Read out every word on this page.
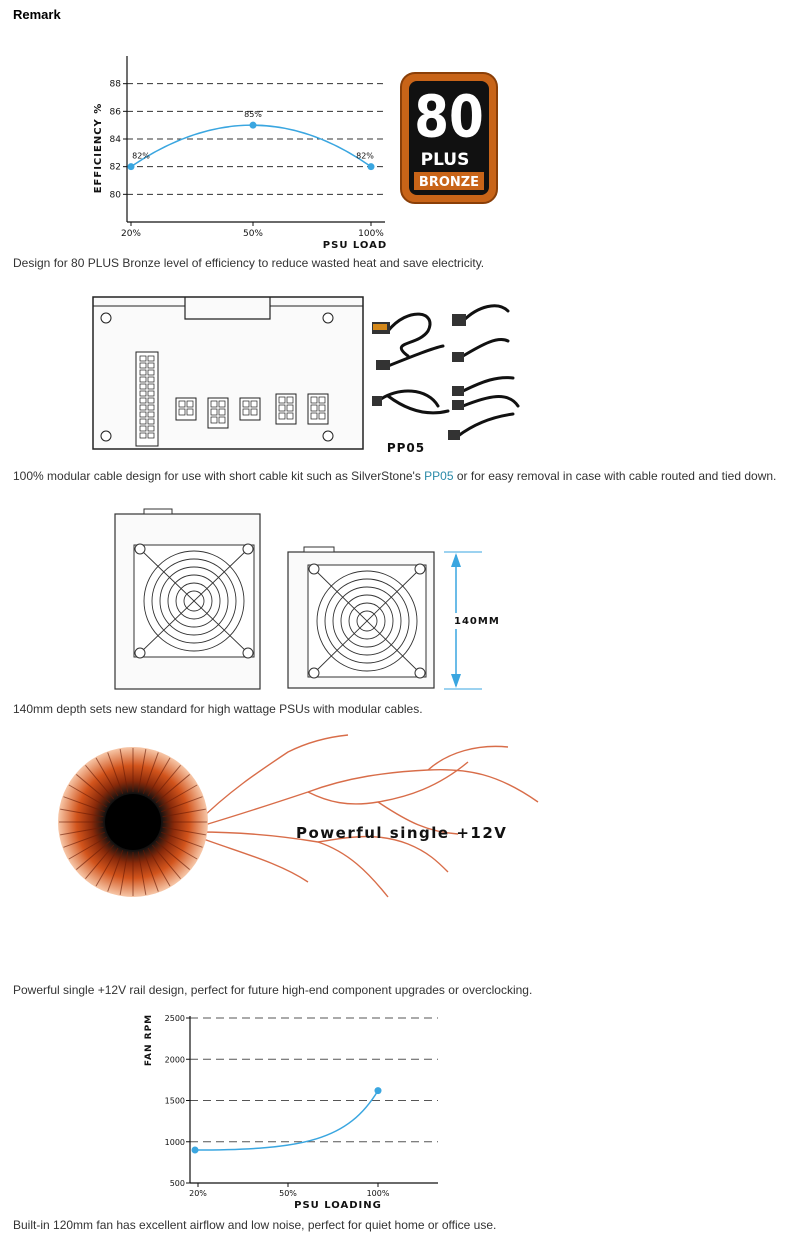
Remark
80
82
84
86
88
20%	50%	100%
82%
85%
82%
EFFICIENCY %
PSU LOAD
80
PLUS
BRONZE
Design for 80 PLUS Bronze level of efficiency to reduce wasted heat and save electricity.
PP05
100% modular cable design for use with short cable kit such as SilverStone's PP05 or for easy removal in case with cable routed and tied down.
140MM
140mm depth sets new standard for high wattage PSUs with modular cables.
Powerful single +12V
Powerful single +12V rail design, perfect for future high-end component upgrades or overclocking.
500
1000
1500
2000
2500
20%	50%	100%
FAN RPM
PSU LOADING
Built-in 120mm fan has excellent airflow and low noise, perfect for quiet home or office use.
